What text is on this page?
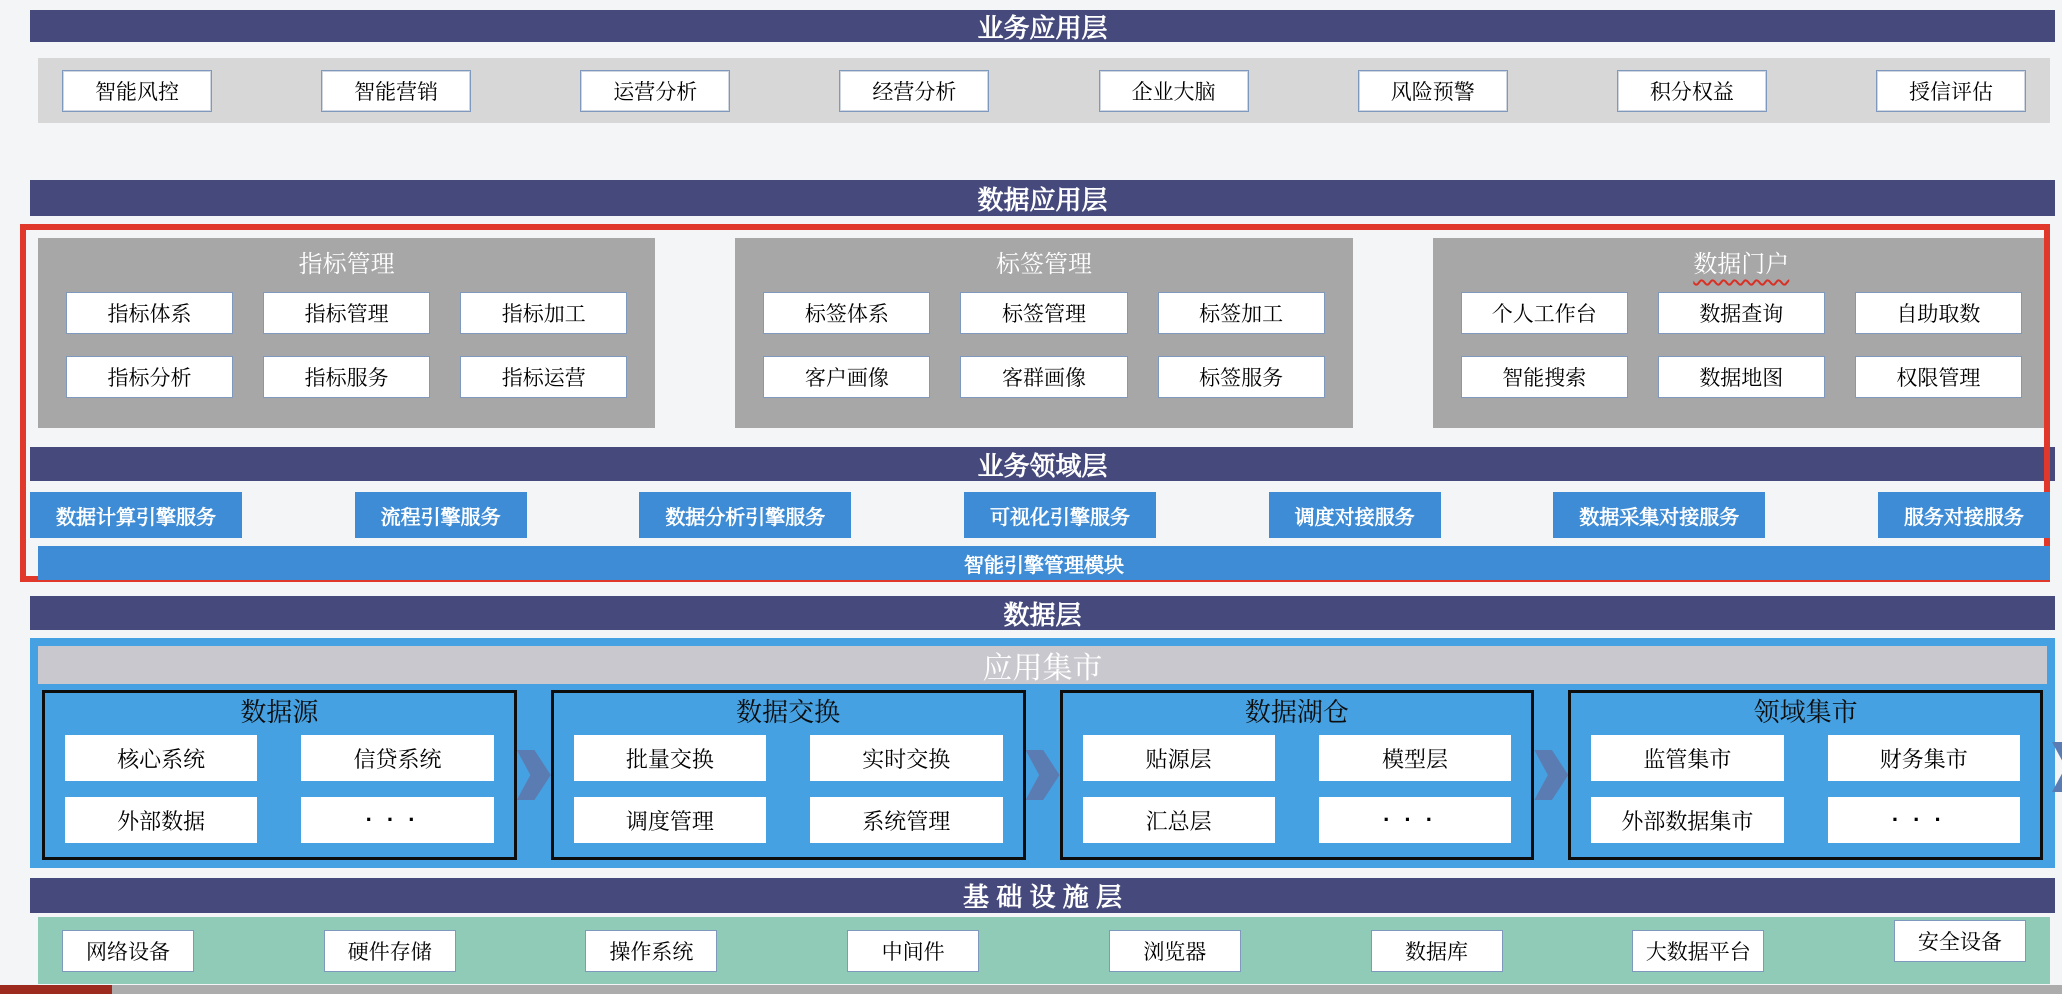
业务应用层
智能风控	智能营销	运营分析	经营分析	企业大脑	风险预警	积分权益	授信评估
数据应用层
指标管理
指标体系	指标管理	指标加工
指标分析	指标服务	指标运营
标签管理
标签体系	标签管理	标签加工
客户画像	客群画像	标签服务
数据门户
个人工作台	数据查询	自助取数
智能搜索	数据地图	权限管理
业务领域层
数据计算引擎服务	流程引擎服务	数据分析引擎服务	可视化引擎服务	调度对接服务	数据采集对接服务	服务对接服务
智能引擎管理模块
数据层
应用集市
数据源
核心系统	信贷系统
外部数据	···
数据交换
批量交换	实时交换
调度管理	系统管理
数据湖仓
贴源层	模型层
汇总层	···
领域集市
监管集市	财务集市
外部数据集市	···
基 础 设 施 层
网络设备	硬件存储	操作系统	中间件	浏览器	数据库	大数据平台	安全设备
